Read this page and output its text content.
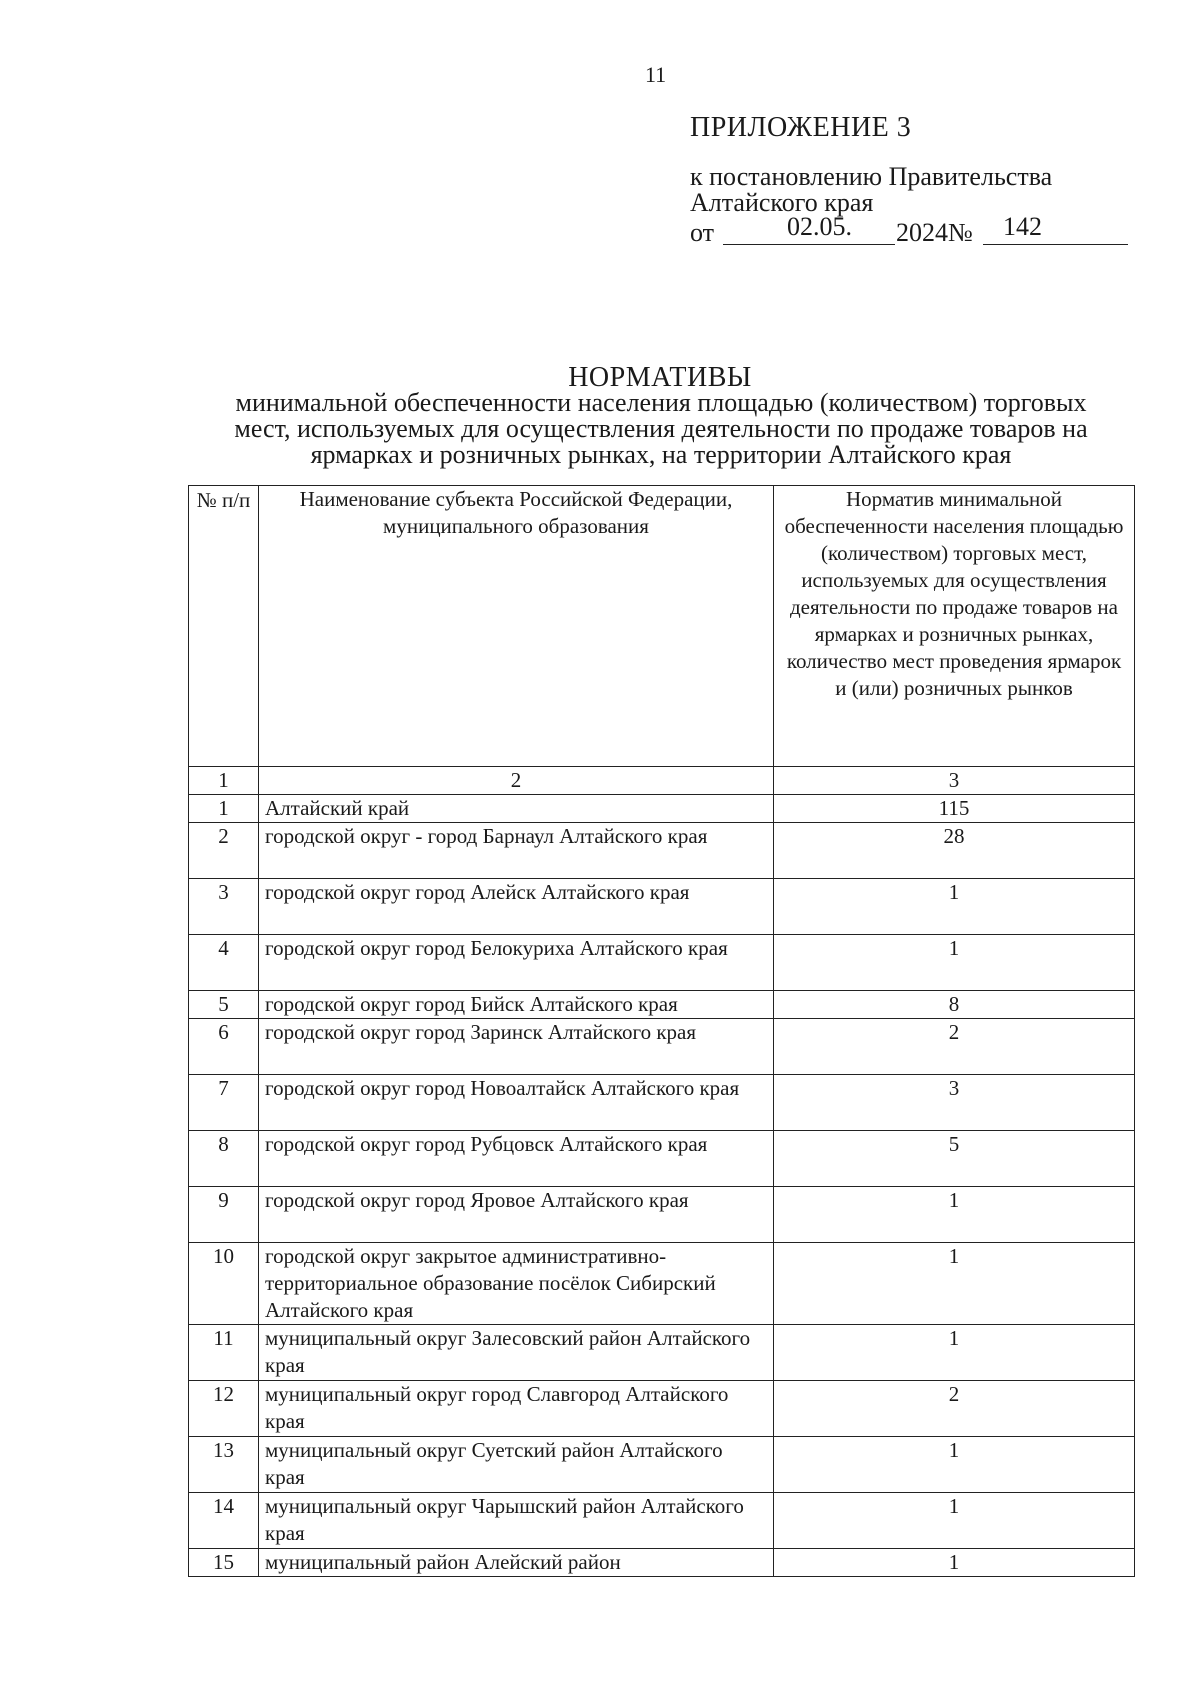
11
ПРИЛОЖЕНИЕ 3
к постановлению Правительства
Алтайского края
от	02.05. 2024 № 142
НОРМАТИВЫ
минимальной обеспеченности населения площадью (количеством) торговых
мест, используемых для осуществления деятельности по продаже товаров на
ярмарках и розничных рынках, на территории Алтайского края
№ п/п	Наименование субъекта Российской Федерации, муниципального образования	Норматив минимальной обеспеченности населения площадью (количеством) торговых мест, используемых для осуществления деятельности по продаже товаров на ярмарках и розничных рынках, количество мест проведения ярмарок и (или) розничных рынков
1	2	3
1	Алтайский край	115
2	городской округ - город Барнаул Алтайского края	28
3	городской округ город Алейск Алтайского края	1
4	городской округ город Белокуриха Алтайского края	1
5	городской округ город Бийск Алтайского края	8
6	городской округ город Заринск Алтайского края	2
7	городской округ город Новоалтайск Алтайского края	3
8	городской округ город Рубцовск Алтайского края	5
9	городской округ город Яровое Алтайского края	1
10	городской округ закрытое административно-территориальное образование посёлок Сибирский Алтайского края	1
11	муниципальный округ Залесовский район Алтайского края	1
12	муниципальный округ город Славгород Алтайского края	2
13	муниципальный округ Суетский район Алтайского края	1
14	муниципальный округ Чарышский район Алтайского края	1
15	муниципальный район Алейский район	1
